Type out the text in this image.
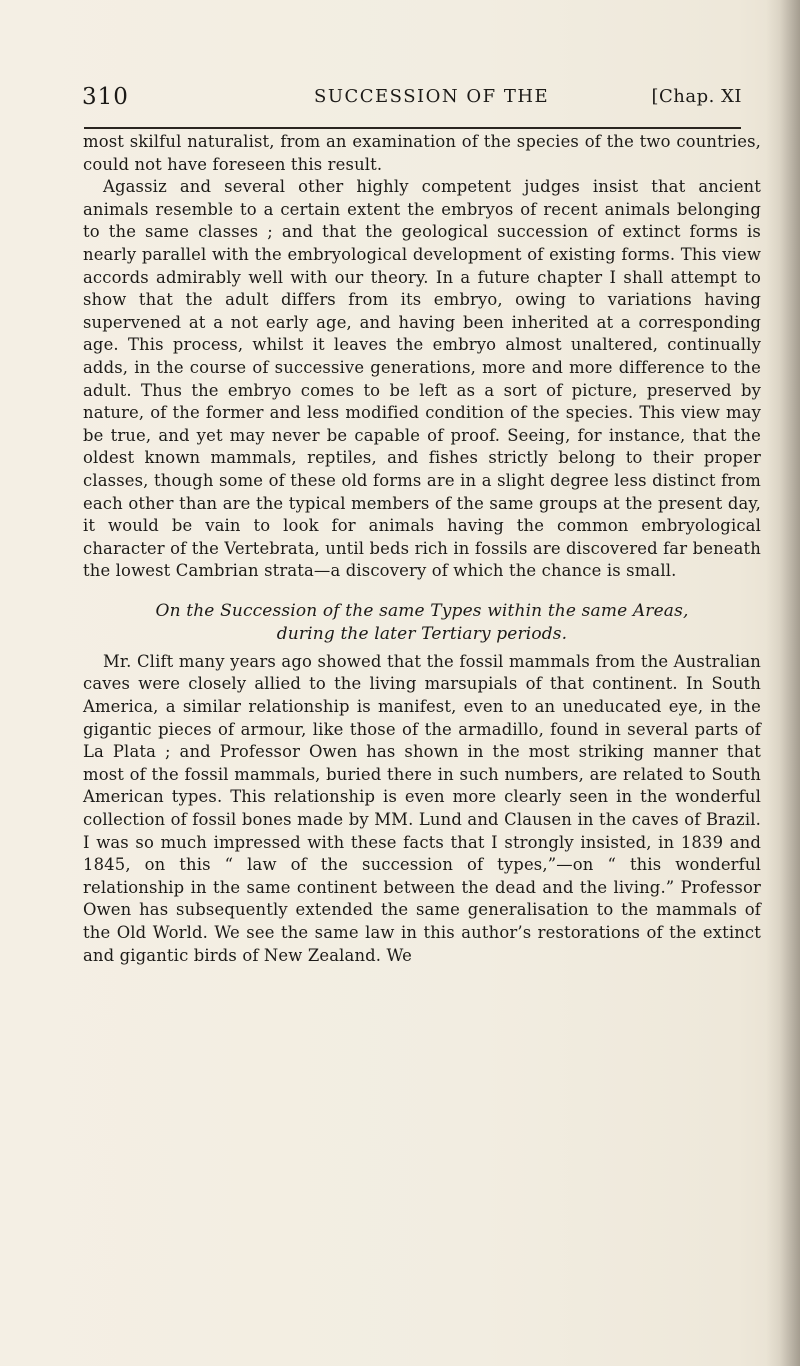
310	SUCCESSION OF THE	[Chap. XI

most skilful naturalist, from an examination of the species of the two countries, could not have foreseen this result.

Agassiz and several other highly competent judges insist that ancient animals resemble to a certain extent the embryos of recent animals belonging to the same classes ; and that the geological succession of extinct forms is nearly parallel with the embryological development of existing forms. This view accords admirably well with our theory. In a future chapter I shall attempt to show that the adult differs from its embryo, owing to variations having supervened at a not early age, and having been inherited at a corresponding age. This process, whilst it leaves the embryo almost unaltered, continually adds, in the course of successive generations, more and more difference to the adult. Thus the embryo comes to be left as a sort of picture, preserved by nature, of the former and less modified condition of the species. This view may be true, and yet may never be capable of proof. Seeing, for instance, that the oldest known mammals, reptiles, and fishes strictly belong to their proper classes, though some of these old forms are in a slight degree less distinct from each other than are the typical members of the same groups at the present day, it would be vain to look for animals having the common embryological character of the Vertebrata, until beds rich in fossils are discovered far beneath the lowest Cambrian strata—a discovery of which the chance is small.

On the Succession of the same Types within the same Areas,
during the later Tertiary periods.

Mr. Clift many years ago showed that the fossil mammals from the Australian caves were closely allied to the living marsupials of that continent. In South America, a similar relationship is manifest, even to an uneducated eye, in the gigantic pieces of armour, like those of the armadillo, found in several parts of La Plata ; and Professor Owen has shown in the most striking manner that most of the fossil mammals, buried there in such numbers, are related to South American types. This relationship is even more clearly seen in the wonderful collection of fossil bones made by MM. Lund and Clausen in the caves of Brazil. I was so much impressed with these facts that I strongly insisted, in 1839 and 1845, on this “ law of the succession of types,”—on “ this wonderful relationship in the same continent between the dead and the living.” Professor Owen has subsequently extended the same generalisation to the mammals of the Old World. We see the same law in this author’s restorations of the extinct and gigantic birds of New Zealand. We
